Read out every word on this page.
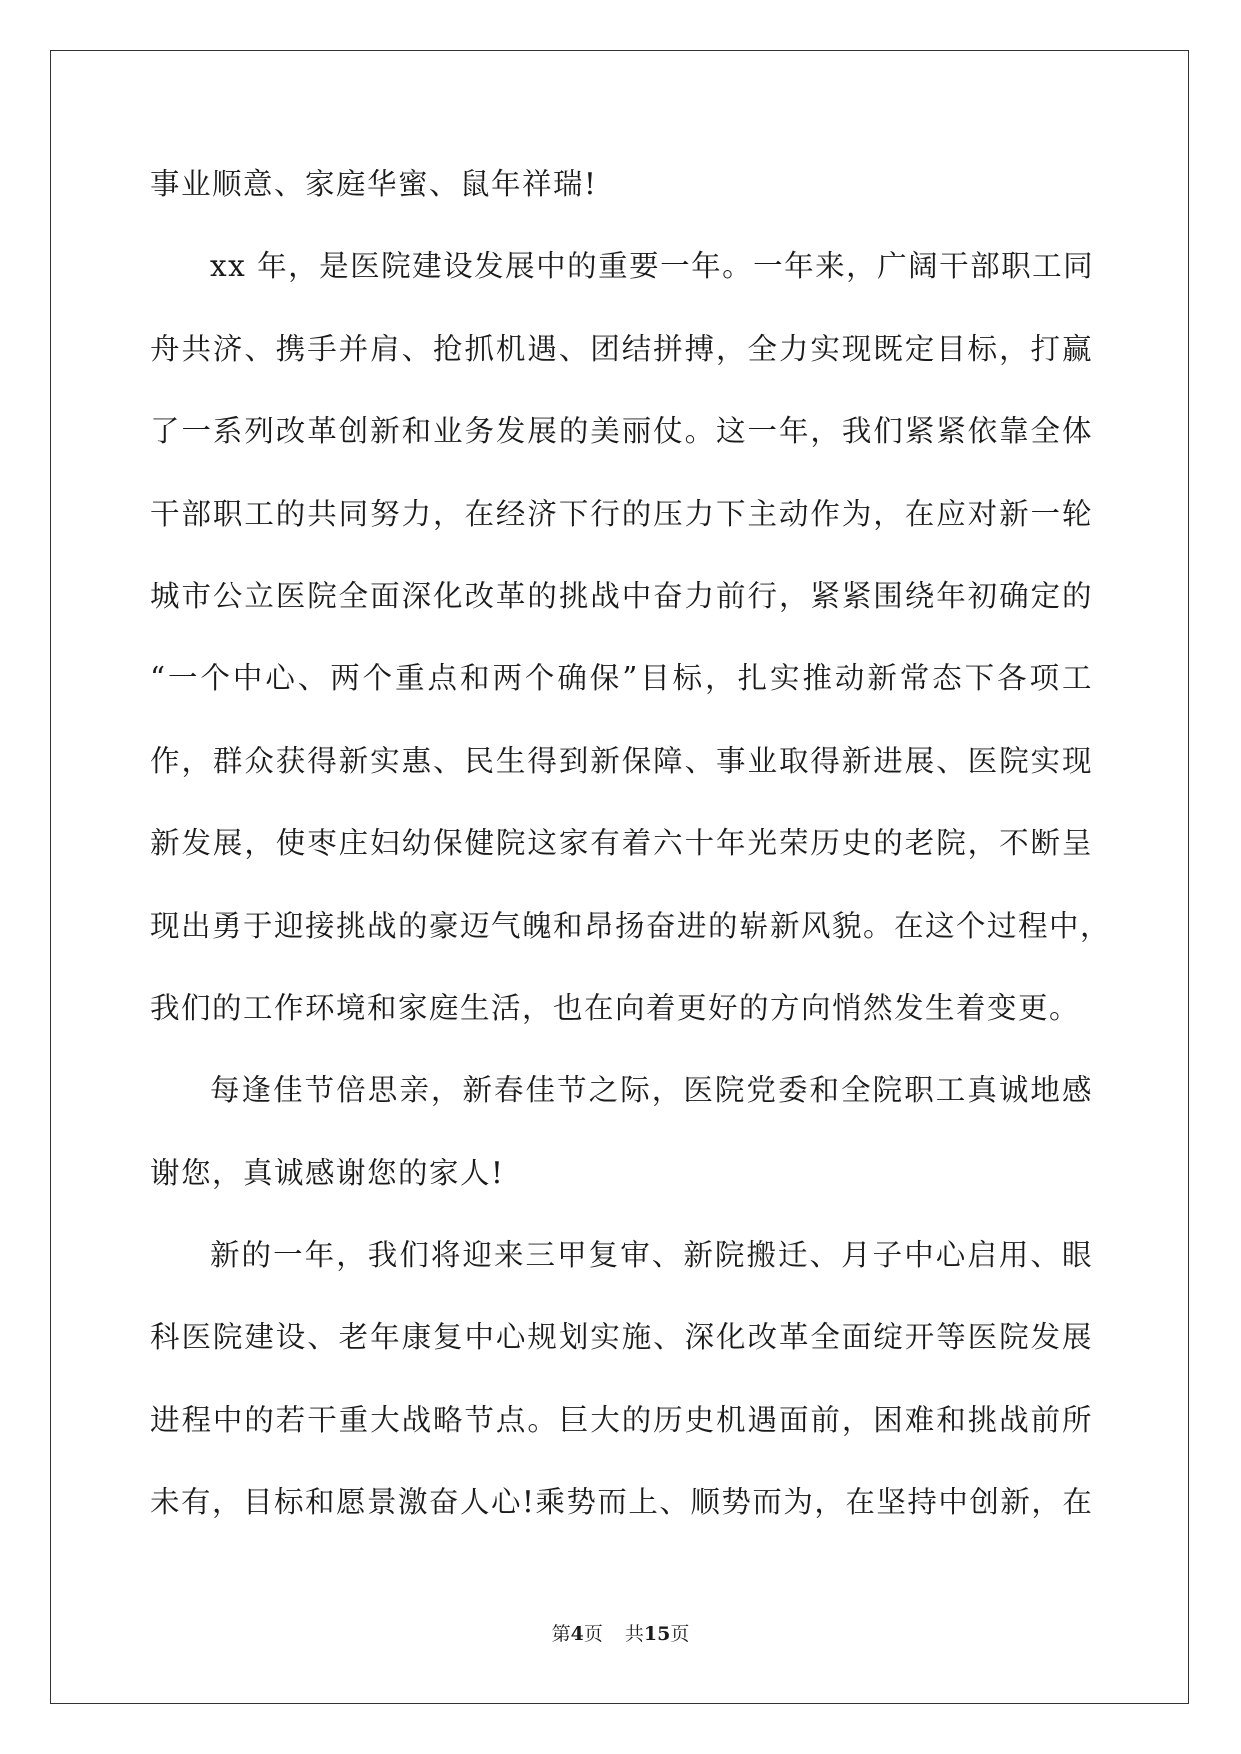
事业顺意、家庭华蜜、鼠年祥瑞!
xx 年，是医院建设发展中的重要一年。一年来，广阔干部职工同
舟共济、携手并肩、抢抓机遇、团结拼搏，全力实现既定目标，打赢
了一系列改革创新和业务发展的美丽仗。这一年，我们紧紧依靠全体
干部职工的共同努力，在经济下行的压力下主动作为，在应对新一轮
城市公立医院全面深化改革的挑战中奋力前行，紧紧围绕年初确定的
“一个中心、两个重点和两个确保”目标，扎实推动新常态下各项工
作，群众获得新实惠、民生得到新保障、事业取得新进展、医院实现
新发展，使枣庄妇幼保健院这家有着六十年光荣历史的老院，不断呈
现出勇于迎接挑战的豪迈气魄和昂扬奋进的崭新风貌。在这个过程中，
我们的工作环境和家庭生活，也在向着更好的方向悄然发生着变更。
每逢佳节倍思亲，新春佳节之际，医院党委和全院职工真诚地感
谢您，真诚感谢您的家人!
新的一年，我们将迎来三甲复审、新院搬迁、月子中心启用、眼
科医院建设、老年康复中心规划实施、深化改革全面绽开等医院发展
进程中的若干重大战略节点。巨大的历史机遇面前，困难和挑战前所
未有，目标和愿景激奋人心!乘势而上、顺势而为，在坚持中创新，在
第4页 共15页
